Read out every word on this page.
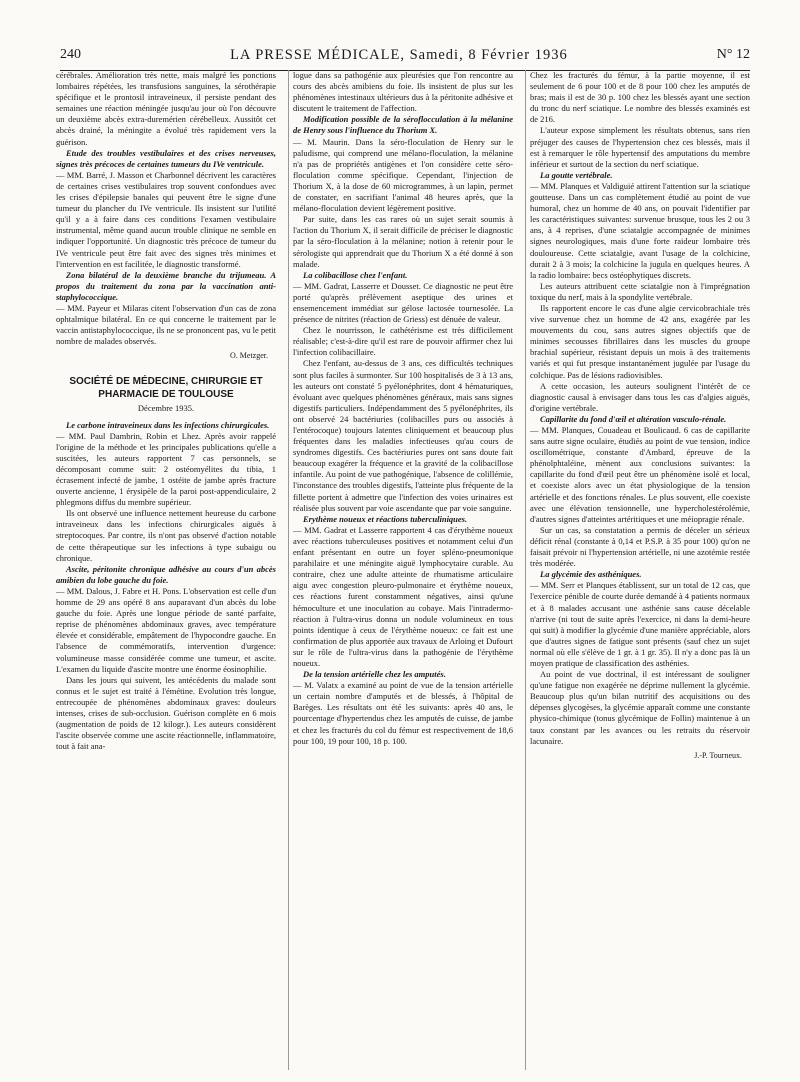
240	LA PRESSE MÉDICALE, Samedi, 8 Février 1936	N° 12

cérébrales. Amélioration très nette, mais malgré les ponctions lombaires répétées, les transfusions sanguines, la sérothérapie spécifique et le prontosil intraveineux, il persiste pendant des semaines une réaction méningée jusqu'au jour où l'on découvre un deuxième abcès extra-duremérien cérébelleux. Aussitôt cet abcès drainé, la méningite a évolué très rapidement vers la guérison.

Etude des troubles vestibulaires et des crises nerveuses, signes très précoces de certaines tumeurs du IVe ventricule.

— MM. Barré, J. Masson et Charbonnel décrivent les caractères de certaines crises vestibulaires trop souvent confondues avec les crises d'épilepsie banales qui peuvent être le signe d'une tumeur du plancher du IVe ventricule. Ils insistent sur l'utilité qu'il y a à faire dans ces conditions l'examen vestibulaire instrumental, même quand aucun trouble clinique ne semble en indiquer l'opportunité. Un diagnostic très précoce de tumeur du IVe ventricule peut être fait avec des signes très minimes et l'intervention en est facilitée, le diagnostic transformé.

Zona bilatéral de la deuxième branche du trijumeau. A propos du traitement du zona par la vaccination anti-staphylococcique.

— MM. Payeur et Milaras citent l'observation d'un cas de zona ophtalmique bilatéral. En ce qui concerne le traitement par le vaccin antistaphylococcique, ils ne se prononcent pas, vu le petit nombre de malades observés.

O. Metzger.
SOCIÉTÉ DE MÉDECINE, CHIRURGIE ET PHARMACIE DE TOULOUSE
Décembre 1935.

Le carbone intraveineux dans les infections chirurgicales.

— MM. Paul Dambrin, Robin et Lhez. Après avoir rappelé l'origine de la méthode et les principales publications qu'elle a suscitées, les auteurs rapportent 7 cas personnels, se décomposant comme suit: 2 ostéomyélites du tibia, 1 écrasement infecté de jambe, 1 ostéite de jambe après fracture ouverte ancienne, 1 érysipèle de la paroi post-appendiculaire, 2 phlegmons diffus du membre supérieur.

Ils ont observé une influence nettement heureuse du carbone intraveineux dans les infections chirurgicales aiguës à streptocoques. Par contre, ils n'ont pas observé d'action notable de cette thérapeutique sur les infections à type subaigu ou chronique.

Ascite, péritonite chronique adhésive au cours d'un abcès amibien du lobe gauche du foie.

— MM. Dalous, J. Fabre et H. Pons. L'observation est celle d'un homme de 29 ans opéré 8 ans auparavant d'un abcès du lobe gauche du foie. Après une longue période de santé parfaite, reprise de phénomènes abdominaux graves, avec température élevée et considérable, empâtement de l'hypocondre gauche. En l'absence de commémoratifs, intervention d'urgence: volumineuse masse considérée comme une tumeur, et ascite. L'examen du liquide d'ascite montre une énorme éosinophilie.

Dans les jours qui suivent, les antécédents du malade sont connus et le sujet est traité à l'émétine. Evolution très longue, entrecoupée de phénomènes abdominaux graves: douleurs intenses, crises de sub-occlusion. Guérison complète en 6 mois (augmentation de poids de 12 kilogr.). Les auteurs considèrent l'ascite observée comme une ascite réactionnelle, inflammatoire, tout à fait ana-

logue dans sa pathogénie aux pleurésies que l'on rencontre au cours des abcès amibiens du foie. Ils insistent de plus sur les phénomènes intestinaux ultérieurs dus à la péritonite adhésive et discutent le traitement de l'affection.

Modification possible de la séroflocculation à la mélanine de Henry sous l'influence du Thorium X.

— M. Maurin. Dans la séro-floculation de Henry sur le paludisme, qui comprend une mélano-floculation, la mélanine n'a pas de propriétés antigènes et l'on considère cette séro-floculation comme spécifique. Cependant, l'injection de Thorium X, à la dose de 60 microgrammes, à un lapin, permet de constater, en sacrifiant l'animal 48 heures après, que la mélano-floculation devient légèrement positive.

Par suite, dans les cas rares où un sujet serait soumis à l'action du Thorium X, il serait difficile de préciser le diagnostic par la séro-floculation à la mélanine; notion à retenir pour le sérologiste qui apprendrait que du Thorium X a été donné à son malade.

La colibacillose chez l'enfant.

— MM. Gadrat, Lasserre et Dousset. Ce diagnostic ne peut être porté qu'après prélèvement aseptique des urines et ensemencement immédiat sur gélose lactosée tournesolée. La présence de nitrites (réaction de Griess) est dénuée de valeur.

Chez le nourrisson, le cathétérisme est très difficilement réalisable; c'est-à-dire qu'il est rare de pouvoir affirmer chez lui l'infection colibacillaire.

Chez l'enfant, au-dessus de 3 ans, ces difficultés techniques sont plus faciles à surmonter. Sur 100 hospitalisés de 3 à 13 ans, les auteurs ont constaté 5 pyélonéphrites, dont 4 hématuriques, évoluant avec quelques phénomènes généraux, mais sans signes digestifs particuliers. Indépendamment des 5 pyélonéphrites, ils ont observé 24 bactériuries (colibacilles purs ou associés à l'entérocoque) toujours latentes cliniquement et beaucoup plus fréquentes dans les maladies infectieuses qu'au cours de syndromes digestifs. Ces bactériuries pures ont sans doute fait beaucoup exagérer la fréquence et la gravité de la colibacillose infantile. Au point de vue pathogénique, l'absence de colillémie, l'inconstance des troubles digestifs, l'atteinte plus fréquente de la fillette portent à admettre que l'infection des voies urinaires est réalisée plus souvent par voie ascendante que par voie sanguine.

Erythème noueux et réactions tuberculiniques.

— MM. Gadrat et Lasserre rapportent 4 cas d'érythème noueux avec réactions tuberculeuses positives et notamment celui d'un enfant présentant en outre un foyer spléno-pneumonique parahilaire et une méningite aiguë lymphocytaire curable. Au contraire, chez une adulte atteinte de rhumatisme articulaire aigu avec congestion pleuro-pulmonaire et érythème noueux, ces réactions furent constamment négatives, ainsi qu'une hémoculture et une inoculation au cobaye. Mais l'intradermo-réaction à l'ultra-virus donna un nodule volumineux en tous points identique à ceux de l'érythème noueux: ce fait est une confirmation de plus apportée aux travaux de Arloing et Dufourt sur le rôle de l'ultra-virus dans la pathogénie de l'érythème noueux.

De la tension artérielle chez les amputés.

— M. Valatx a examiné au point de vue de la tension artérielle un certain nombre d'amputés et de blessés, à l'hôpital de Barèges. Les résultats ont été les suivants: après 40 ans, le pourcentage d'hypertendus chez les amputés de cuisse, de jambe et chez les fracturés du col du fémur est respectivement de 18,6 pour 100, 19 pour 100, 18 p. 100.

Chez les fracturés du fémur, à la partie moyenne, il est seulement de 6 pour 100 et de 8 pour 100 chez les amputés de bras; mais il est de 30 p. 100 chez les blessés ayant une section du tronc du nerf sciatique. Le nombre des blessés examinés est de 216.

L'auteur expose simplement les résultats obtenus, sans rien préjuger des causes de l'hypertension chez ces blessés, mais il est à remarquer le rôle hypertensif des amputations du membre inférieur et surtout de la section du nerf sciatique.

La goutte vertébrale.

— MM. Planques et Valdiguié attirent l'attention sur la sciatique goutteuse. Dans un cas complètement étudié au point de vue humoral, chez un homme de 40 ans, on pouvait l'identifier par les caractéristiques suivantes: survenue brusque, tous les 2 ou 3 ans, à 4 reprises, d'une sciatalgie accompagnée de minimes signes neurologiques, mais d'une forte raideur lombaire très douloureuse. Cette sciatalgie, avant l'usage de la colchicine, durait 2 à 3 mois; la colchicine la jugula en quelques heures. A la radio lombaire: becs ostéophytiques discrets.

Les auteurs attribuent cette sciatalgie non à l'imprégnation toxique du nerf, mais à la spondylite vertébrale.

Ils rapportent encore le cas d'une algie cervicobrachiale très vive survenue chez un homme de 42 ans, exagérée par les mouvements du cou, sans autres signes objectifs que de minimes secousses fibrillaires dans les muscles du groupe brachial supérieur, résistant depuis un mois à des traitements variés et qui fut presque instantanément jugulée par l'usage du colchique. Pas de lésions radiovisibles.

A cette occasion, les auteurs soulignent l'intérêt de ce diagnostic causal à envisager dans tous les cas d'algies aiguës, d'origine vertébrale.

Capillarite du fond d'œil et altération vasculo-rénale.

— MM. Planques, Couadeau et Boulicaud. 6 cas de capillarite sans autre signe oculaire, étudiés au point de vue tension, indice oscillométrique, constante d'Ambard, épreuve de la phénolphtaléine, mènent aux conclusions suivantes: la capillarite du fond d'œil peut être un phénomène isolé et local, et coexiste alors avec un état physiologique de la tension artérielle et des fonctions rénales. Le plus souvent, elle coexiste avec une élévation tensionnelle, une hypercholestérolémie, d'autres signes d'atteintes artéritiques et une méiopragie rénale.

Sur un cas, sa constatation a permis de déceler un sérieux déficit rénal (constante à 0,14 et P.S.P. à 35 pour 100) qu'on ne faisait prévoir ni l'hypertension artérielle, ni une azotémie restée très modérée.

La glycémie des asthéniques.

— MM. Serr et Planques établissent, sur un total de 12 cas, que l'exercice pénible de courte durée demandé à 4 patients normaux et à 8 malades accusant une asthénie sans cause décelable n'arrive (ni tout de suite après l'exercice, ni dans la demi-heure qui suit) à modifier la glycémie d'une manière appréciable, alors que d'autres signes de fatigue sont présents (sauf chez un sujet normal où elle s'élève de 1 gr. à 1 gr. 35). Il n'y a donc pas là un moyen pratique de classification des asthénies.

Au point de vue doctrinal, il est intéressant de souligner qu'une fatigue non exagérée ne déprime nullement la glycémie. Beaucoup plus qu'un bilan nutritif des acquisitions ou des dépenses glycogèses, la glycémie apparaît comme une constante physico-chimique (tonus glycémique de Follin) maintenue à un taux constant par les avances ou les retraits du réservoir lacunaire.

J.-P. Tourneux.
